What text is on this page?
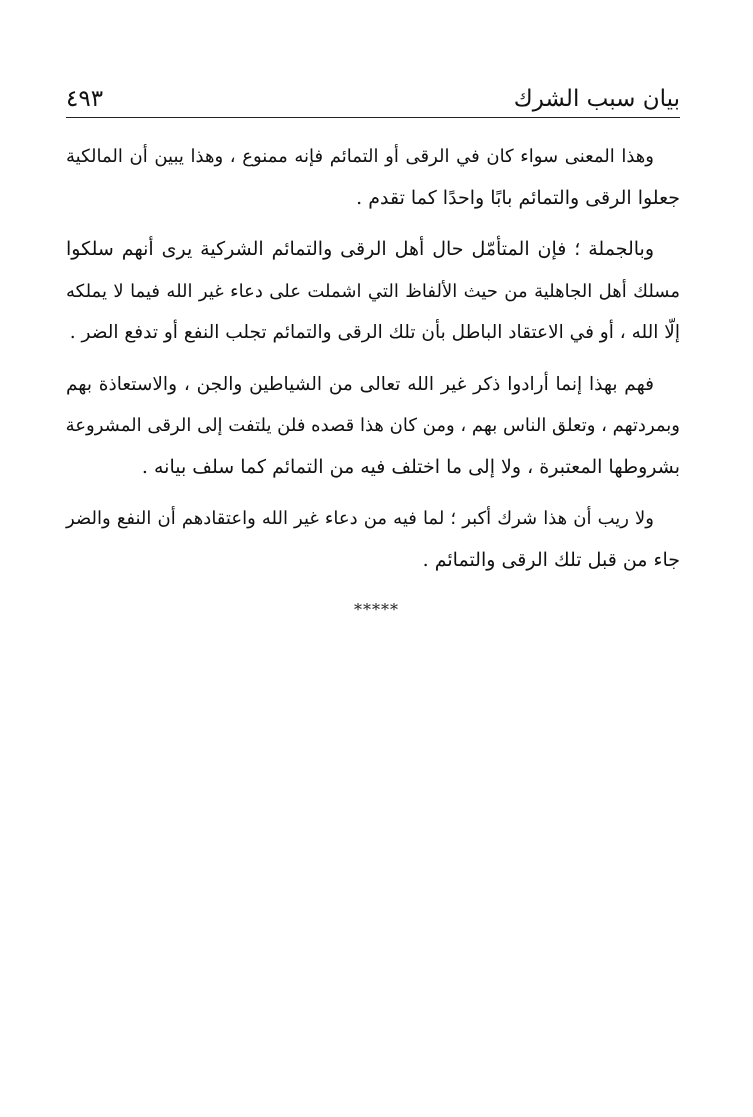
بيان سبب الشرك
٤٩٣

وهذا المعنى سواء كان في الرقى أو التمائم فإنه ممنوع ، وهذا يبين أن المالكية
جعلوا الرقى والتمائم بابًا واحدًا كما تقدم .

وبالجملة ؛ فإن المتأمّل حال أهل الرقى والتمائم الشركية يرى أنهم سلكوا
مسلك أهل الجاهلية من حيث الألفاظ التي اشملت على دعاء غير الله فيما لا يملكه
إلّا الله ، أو في الاعتقاد الباطل بأن تلك الرقى والتمائم تجلب النفع أو تدفع الضر .

فهم بهذا إنما أرادوا ذكر غير الله تعالى من الشياطين والجن ، والاستعاذة بهم
وبمردتهم ، وتعلق الناس بهم ، ومن كان هذا قصده فلن يلتفت إلى الرقى المشروعة
بشروطها المعتبرة ، ولا إلى ما اختلف فيه من التمائم كما سلف بيانه .

ولا ريب أن هذا شرك أكبر ؛ لما فيه من دعاء غير الله واعتقادهم أن النفع والضر
جاء من قبل تلك الرقى والتمائم .

*****
